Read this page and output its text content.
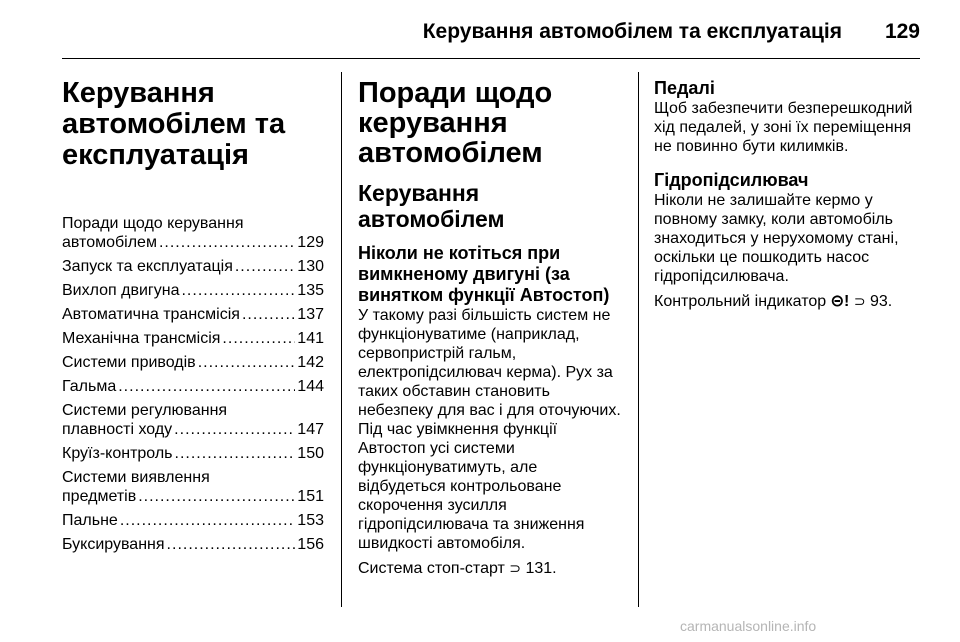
Керування автомобілем та експлуатація 129
Керування
автомобілем та
експлуатація
Поради щодо керування
автомобілем .....	129
Запуск та експлуатація .....	130
Вихлоп двигуна .....	135
Автоматична трансмісія .....	137
Механічна трансмісія .....	141
Системи приводів .....	142
Гальма .....	144
Системи регулювання
плавності ходу .....	147
Круїз-контроль .....	150
Системи виявлення
предметів .....	151
Пальне .....	153
Буксирування .....	156
Поради щодо
керування
автомобілем
Керування автомобілем
Ніколи не котіться при
вимкненому двигуні (за
винятком функції Автостоп)

У такому разі більшість систем не
функціонуватиме (наприклад,
сервопристрій гальм,
електропідсилювач керма). Рух за
таких обставин становить
небезпеку для вас і для оточуючих.
Під час увімкнення функції
Автостоп усі системи
функціонуватимуть, але
відбудеться контрольоване
скорочення зусилля
гідропідсилювача та зниження
швидкості автомобіля.

Система стоп-старт ⊃ 131.

Педалі

Щоб забезпечити безперешкодний
хід педалей, у зоні їх переміщення
не повинно бути килимків.

Гідропідсилювач

Ніколи не залишайте кермо у
повному замку, коли автомобіль
знаходиться у нерухомому стані,
оскільки це пошкодить насос
гідропідсилювача.

Контрольний індикатор ⊝! ⊃ 93.

carmanualsonline.info
